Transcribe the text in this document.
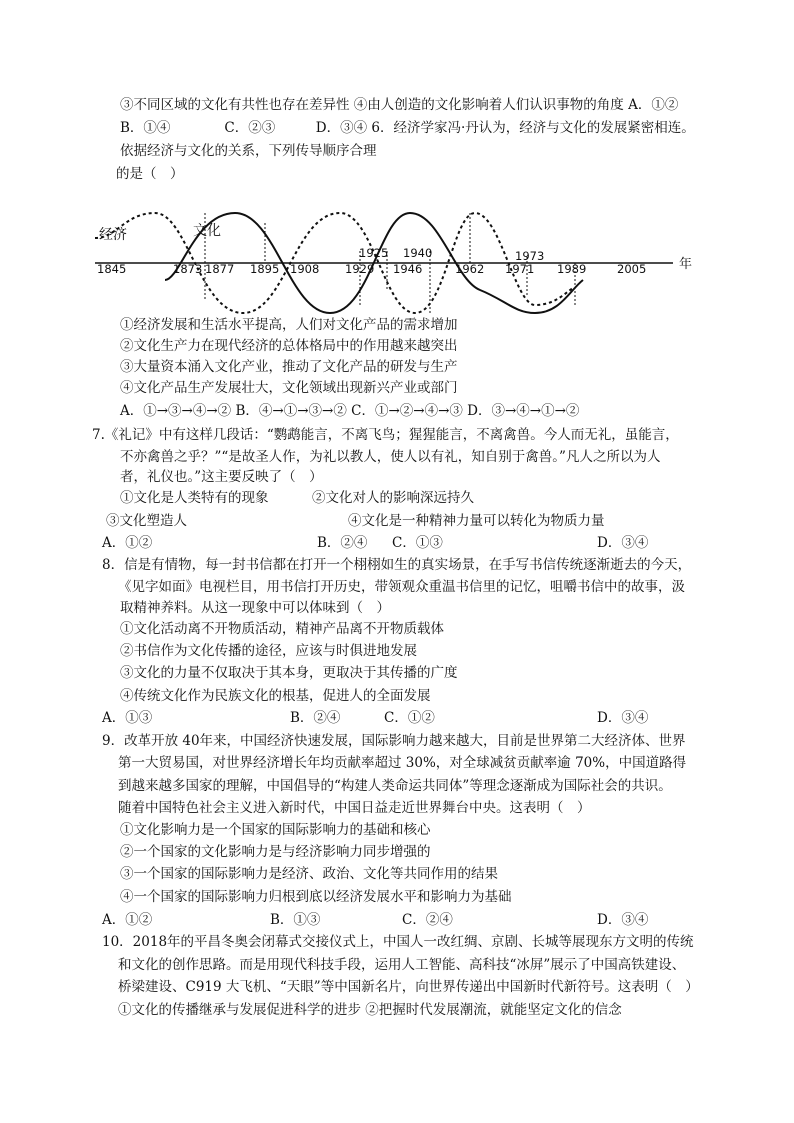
③不同区域的文化有共性也存在差异性 ④由人创造的文化影响着人们认识事物的角度 A．①②
B．①④　　　　C．②③　　　D．③④ 6．经济学家冯·丹认为，经济与文化的发展紧密相连。
依据经济与文化的关系，下列传导顺序合理
的是（　）
经济	文化
年
1845	1873 1877 1895 1908 1929 1946	1962 1971 1989	2005
1925 1940	1973
①经济发展和生活水平提高，人们对文化产品的需求增加
②文化生产力在现代经济的总体格局中的作用越来越突出
③大量资本涌入文化产业，推动了文化产品的研发与生产
④文化产品生产发展壮大，文化领域出现新兴产业或部门
A．①→③→④→② B．④→①→③→② C．①→②→④→③ D．③→④→①→②
7.《礼记》中有这样几段话：“鹦鹉能言，不离飞鸟；猩猩能言，不离禽兽。今人而无礼，虽能言，
不亦禽兽之乎？”“是故圣人作，为礼以教人，使人以有礼，知自别于禽兽。”凡人之所以为人
者，礼仪也。”这主要反映了（　）
①文化是人类特有的现象	②文化对人的影响深远持久
③文化塑造人	④文化是一种精神力量可以转化为物质力量
A．①②	B．②④ C．①③	D．③④
8．信是有情物，每一封书信都在打开一个栩栩如生的真实场景，在手写书信传统逐渐逝去的今天，
《见字如面》电视栏目，用书信打开历史，带领观众重温书信里的记忆，咀嚼书信中的故事，汲
取精神养料。从这一现象中可以体味到（　）
①文化活动离不开物质活动，精神产品离不开物质载体
②书信作为文化传播的途径，应该与时俱进地发展
③文化的力量不仅取决于其本身，更取决于其传播的广度
④传统文化作为民族文化的根基，促进人的全面发展
A．①③	B．②④	C．①②	D．③④
9．改革开放 40年来，中国经济快速发展，国际影响力越来越大，目前是世界第二大经济体、世界
第一大贸易国，对世界经济增长年均贡献率超过 30%，对全球减贫贡献率逾 70%，中国道路得
到越来越多国家的理解，中国倡导的“构建人类命运共同体”等理念逐渐成为国际社会的共识。
随着中国特色社会主义进入新时代，中国日益走近世界舞台中央。这表明（　）
①文化影响力是一个国家的国际影响力的基础和核心
②一个国家的文化影响力是与经济影响力同步增强的
③一个国家的国际影响力是经济、政治、文化等共同作用的结果
④一个国家的国际影响力归根到底以经济发展水平和影响力为基础
A．①②	B．①③	C．②④	D．③④
10．2018年的平昌冬奥会闭幕式交接仪式上，中国人一改红绸、京剧、长城等展现东方文明的传统
和文化的创作思路。而是用现代科技手段，运用人工智能、高科技“冰屏”展示了中国高铁建设、
桥梁建设、C919 大飞机、“天眼”等中国新名片，向世界传递出中国新时代新符号。这表明（　）
①文化的传播继承与发展促进科学的进步 ②把握时代发展潮流，就能坚定文化的信念
